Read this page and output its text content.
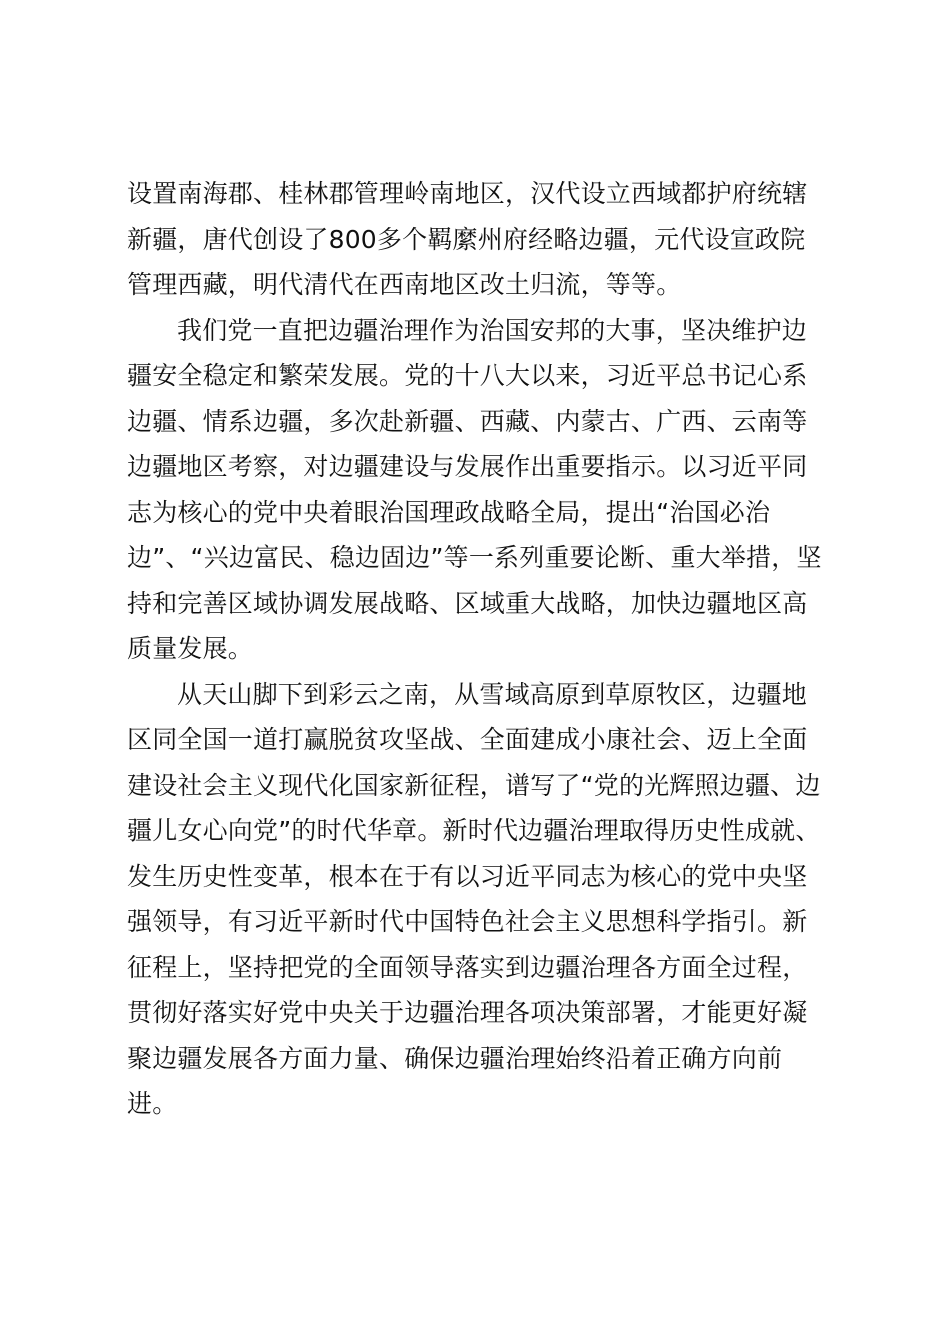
设置南海郡、桂林郡管理岭南地区，汉代设立西域都护府统辖
新疆，唐代创设了800多个羁縻州府经略边疆，元代设宣政院
管理西藏，明代清代在西南地区改土归流，等等。
我们党一直把边疆治理作为治国安邦的大事，坚决维护边
疆安全稳定和繁荣发展。党的十八大以来，习近平总书记心系
边疆、情系边疆，多次赴新疆、西藏、内蒙古、广西、云南等
边疆地区考察，对边疆建设与发展作出重要指示。以习近平同
志为核心的党中央着眼治国理政战略全局，提出“治国必治
边”、“兴边富民、稳边固边”等一系列重要论断、重大举措，坚
持和完善区域协调发展战略、区域重大战略，加快边疆地区高
质量发展。
从天山脚下到彩云之南，从雪域高原到草原牧区，边疆地
区同全国一道打赢脱贫攻坚战、全面建成小康社会、迈上全面
建设社会主义现代化国家新征程，谱写了“党的光辉照边疆、边
疆儿女心向党”的时代华章。新时代边疆治理取得历史性成就、
发生历史性变革，根本在于有以习近平同志为核心的党中央坚
强领导，有习近平新时代中国特色社会主义思想科学指引。新
征程上，坚持把党的全面领导落实到边疆治理各方面全过程，
贯彻好落实好党中央关于边疆治理各项决策部署，才能更好凝
聚边疆发展各方面力量、确保边疆治理始终沿着正确方向前
进。
